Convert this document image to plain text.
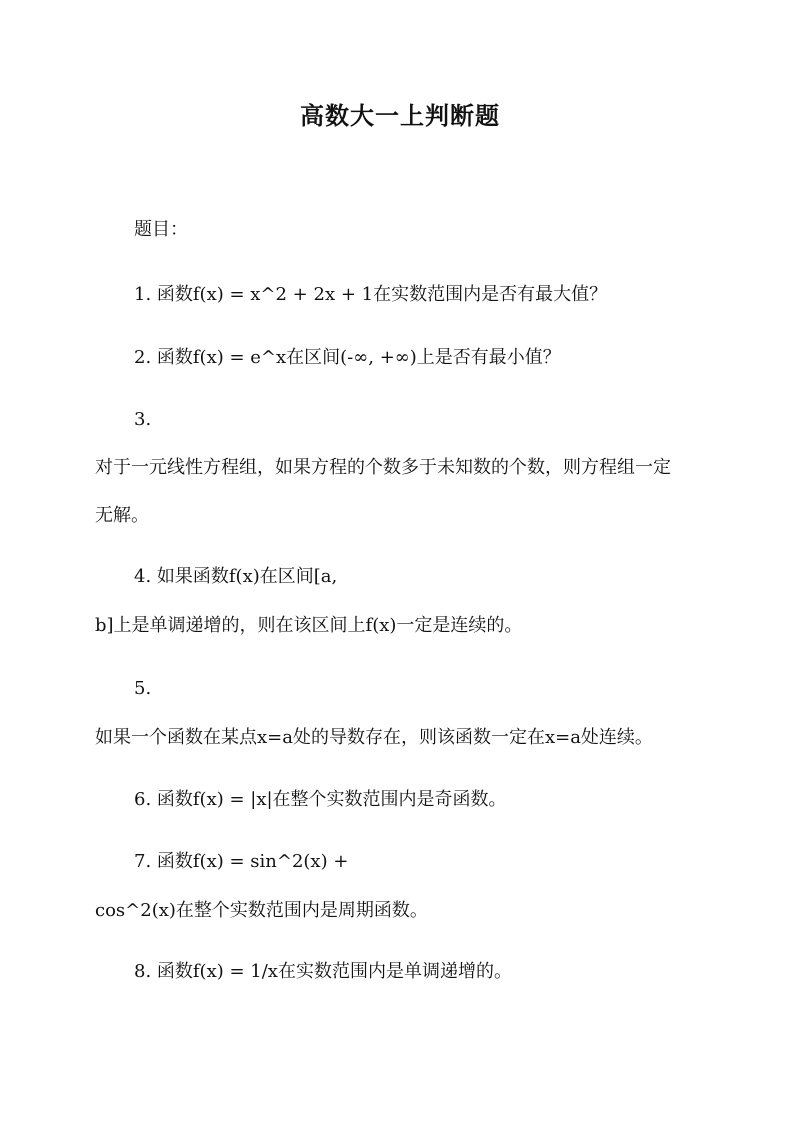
高数大一上判断题
题目：
1. 函数f(x) = x^2 + 2x + 1在实数范围内是否有最大值？
2. 函数f(x) = e^x在区间(-∞, +∞)上是否有最小值？
3.
对于一元线性方程组，如果方程的个数多于未知数的个数，则方程组一定
无解。
4. 如果函数f(x)在区间[a,
b]上是单调递增的，则在该区间上f(x)一定是连续的。
5.
如果一个函数在某点x=a处的导数存在，则该函数一定在x=a处连续。
6. 函数f(x) = |x|在整个实数范围内是奇函数。
7. 函数f(x) = sin^2(x) +
cos^2(x)在整个实数范围内是周期函数。
8. 函数f(x) = 1/x在实数范围内是单调递增的。
